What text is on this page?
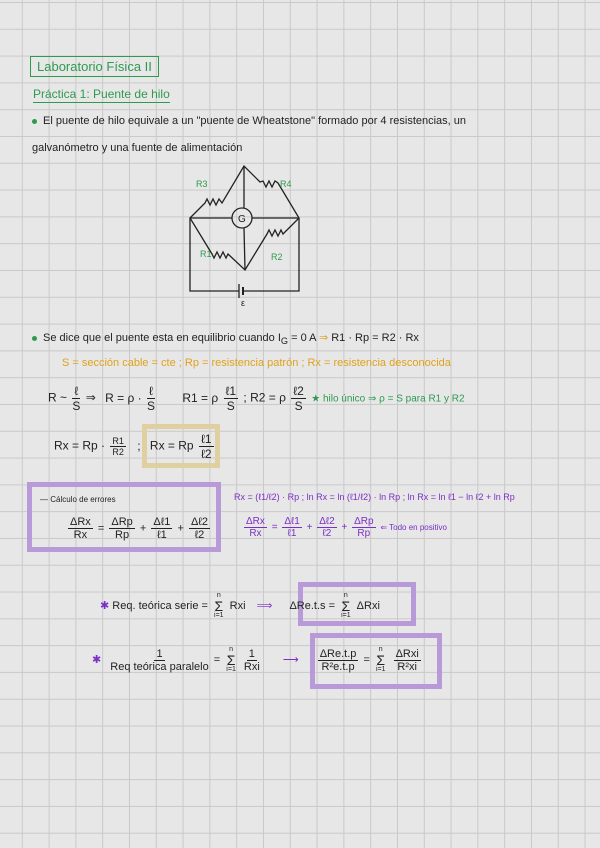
Laboratorio Física II
Práctica 1: Puente de hilo
El puente de hilo equivale a un "puente de Wheatstone" formado por 4 resistencias, un
galvanómetro y una fuente de alimentación
G
R3	R4
R1	R2
ε
Se dice que el puente esta en equilibrio cuando $I_G = 0$ A ⇒ R1 · Rp = R2 · Rx
S = sección cable = cte ; Rp = resistencia patrón ; Rx = resistencia desconocida
R ~ $\frac{\text{ℓ}}{S}$ ⇒ $R = \rho \cdot \frac{\text{ℓ}}{S} R1 = \rho \frac{\text{ℓ1}}{S}$ ; R2 = ρ $\frac{\text{ℓ2}}{S}$ ★ hilo único ⇒ ρ = S para R1 y R2
$Rx = Rp \cdot \frac{R1}{R2}$ ; Rx = Rp $\frac{\text{ℓ1}}{\text{ℓ2}}$
— Cálculo de errores
$\frac{\text{ΔRx}}{Rx} = \frac{\text{ΔRp}}{Rp} + \frac{\text{Δℓ1}}{\text{ℓ1}} + \frac{\text{Δℓ2}}{\text{ℓ2}}$
Rx = (ℓ1/ℓ2) · Rp ; ln Rx = ln (ℓ1/ℓ2) · ln Rp ; ln Rx = ln ℓ1 − ln ℓ2 + ln Rp
$\frac{\text{ΔRx}}{Rx} = \frac{\text{Δℓ1}}{\text{ℓ1}} + \frac{\text{Δℓ2}}{\text{ℓ2}} + \frac{\text{ΔRp}}{Rp}$ ⇐ Todo en positivo
✱ Req. teórica serie =
n
Σ
i=1
Rxi ⟹ ΔRe.t.s =
n
Σ
i=1
ΔRxi
✱ $\frac{1}{\text{Req teórica paralelo}}$ =
n
Σ
i=1
$\frac{1}{\text{Rxi}}$ ⟶ $\frac{\text{ΔRe.t.p}}{\text{R²e.t.p}}$ =
n
Σ
i=1
$\frac{\text{ΔRxi}}{\text{R²xi}}$
